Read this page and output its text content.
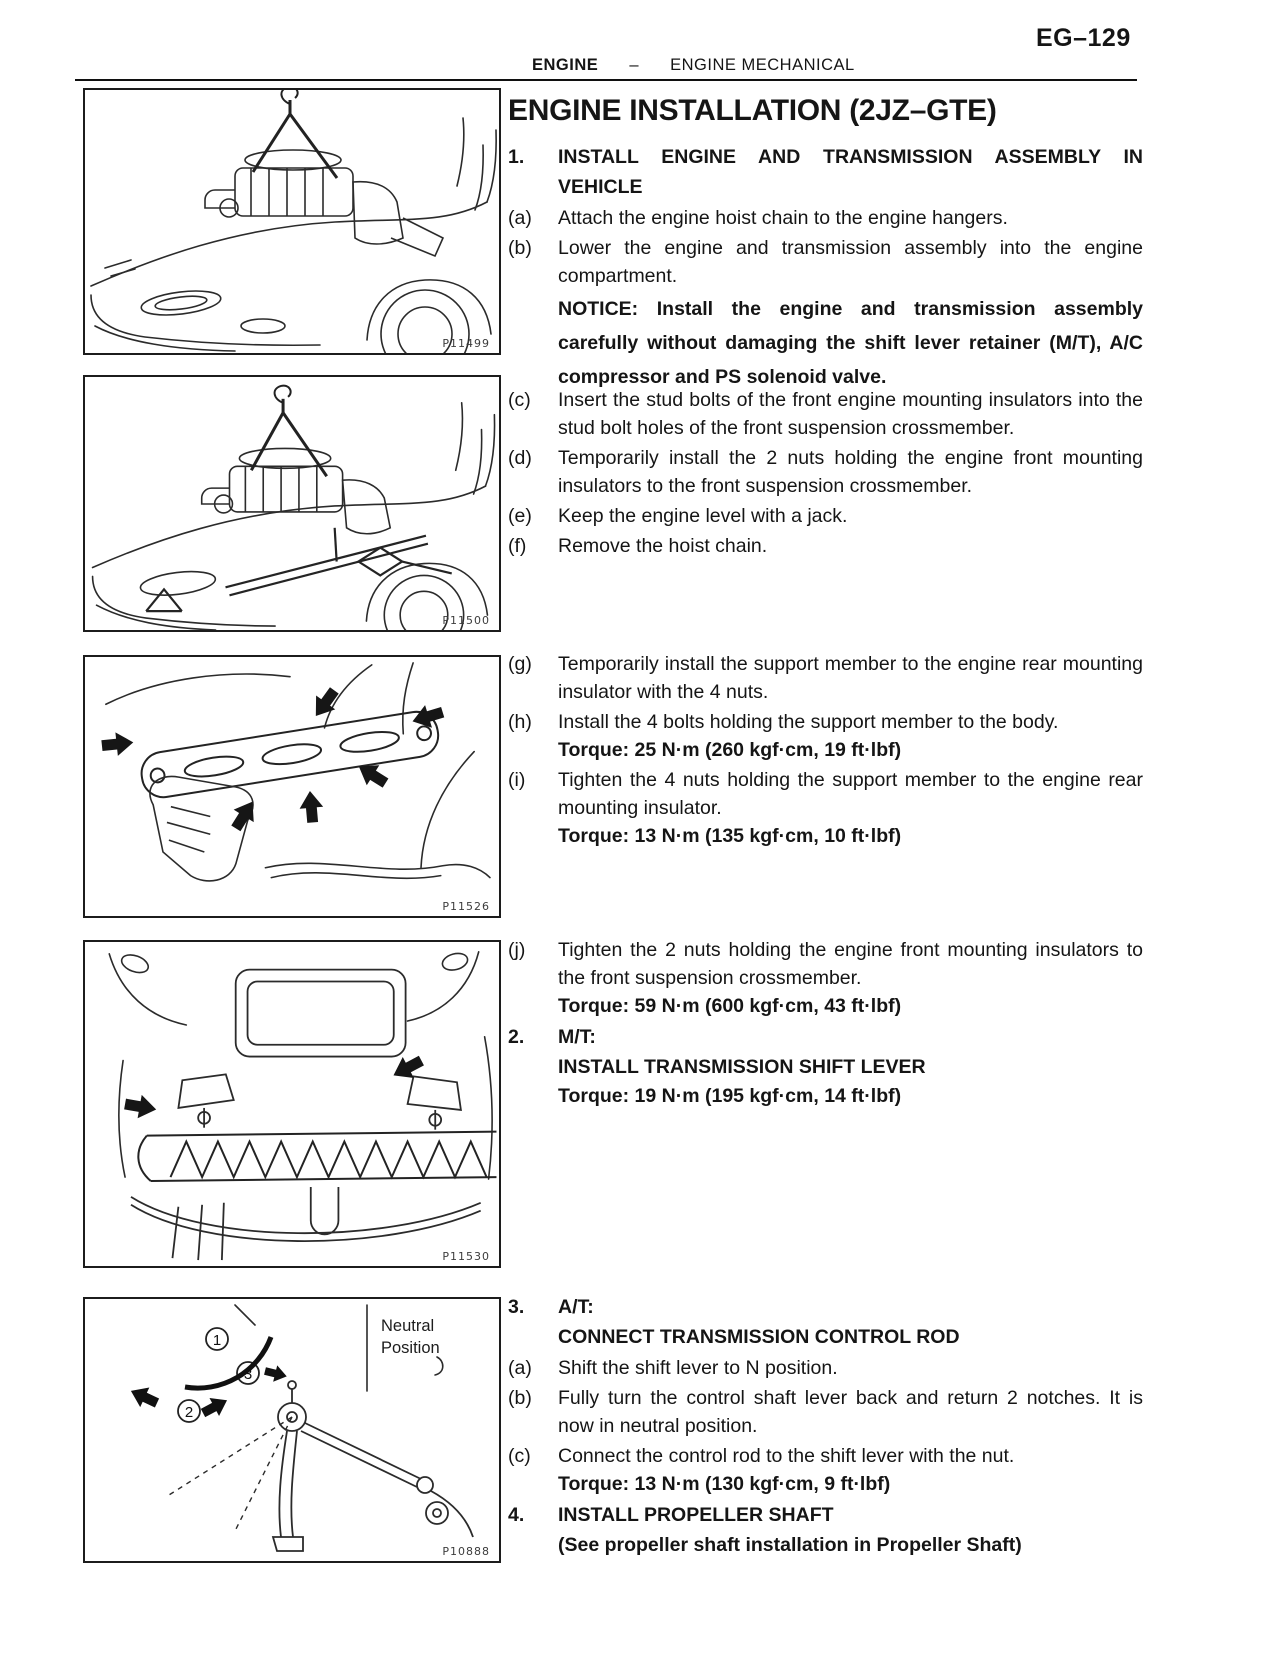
EG–129
ENGINE – ENGINE MECHANICAL
P11499
P11500
P11526
P11530
Neutral
Position
1
3
2
P10888
ENGINE INSTALLATION (2JZ–GTE)
1.	INSTALL ENGINE AND TRANSMISSION ASSEMBLY IN VEHICLE
(a)	Attach the engine hoist chain to the engine hangers.
(b)	Lower the engine and transmission assembly into the engine compartment.
NOTICE: Install the engine and transmission assembly carefully without damaging the shift lever retainer (M/T), A/C compressor and PS solenoid valve.
(c)	Insert the stud bolts of the front engine mounting insulators into the stud bolt holes of the front suspension crossmember.
(d)	Temporarily install the 2 nuts holding the engine front mounting insulators to the front suspension crossmember.
(e)	Keep the engine level with a jack.
(f)	Remove the hoist chain.
(g)	Temporarily install the support member to the engine rear mounting insulator with the 4 nuts.
(h)	Install the 4 bolts holding the support member to the body.
Torque: 25 N·m (260 kgf·cm, 19 ft·lbf)
(i)	Tighten the 4 nuts holding the support member to the engine rear mounting insulator.
Torque: 13 N·m (135 kgf·cm, 10 ft·lbf)
(j)	Tighten the 2 nuts holding the engine front mounting insulators to the front suspension crossmember.
Torque: 59 N·m (600 kgf·cm, 43 ft·lbf)
2.	M/T:
INSTALL TRANSMISSION SHIFT LEVER
Torque: 19 N·m (195 kgf·cm, 14 ft·lbf)
3.	A/T:
CONNECT TRANSMISSION CONTROL ROD
(a)	Shift the shift lever to N position.
(b)	Fully turn the control shaft lever back and return 2 notches. It is now in neutral position.
(c)	Connect the control rod to the shift lever with the nut.
Torque: 13 N·m (130 kgf·cm, 9 ft·lbf)
4.	INSTALL PROPELLER SHAFT
(See propeller shaft installation in Propeller Shaft)
